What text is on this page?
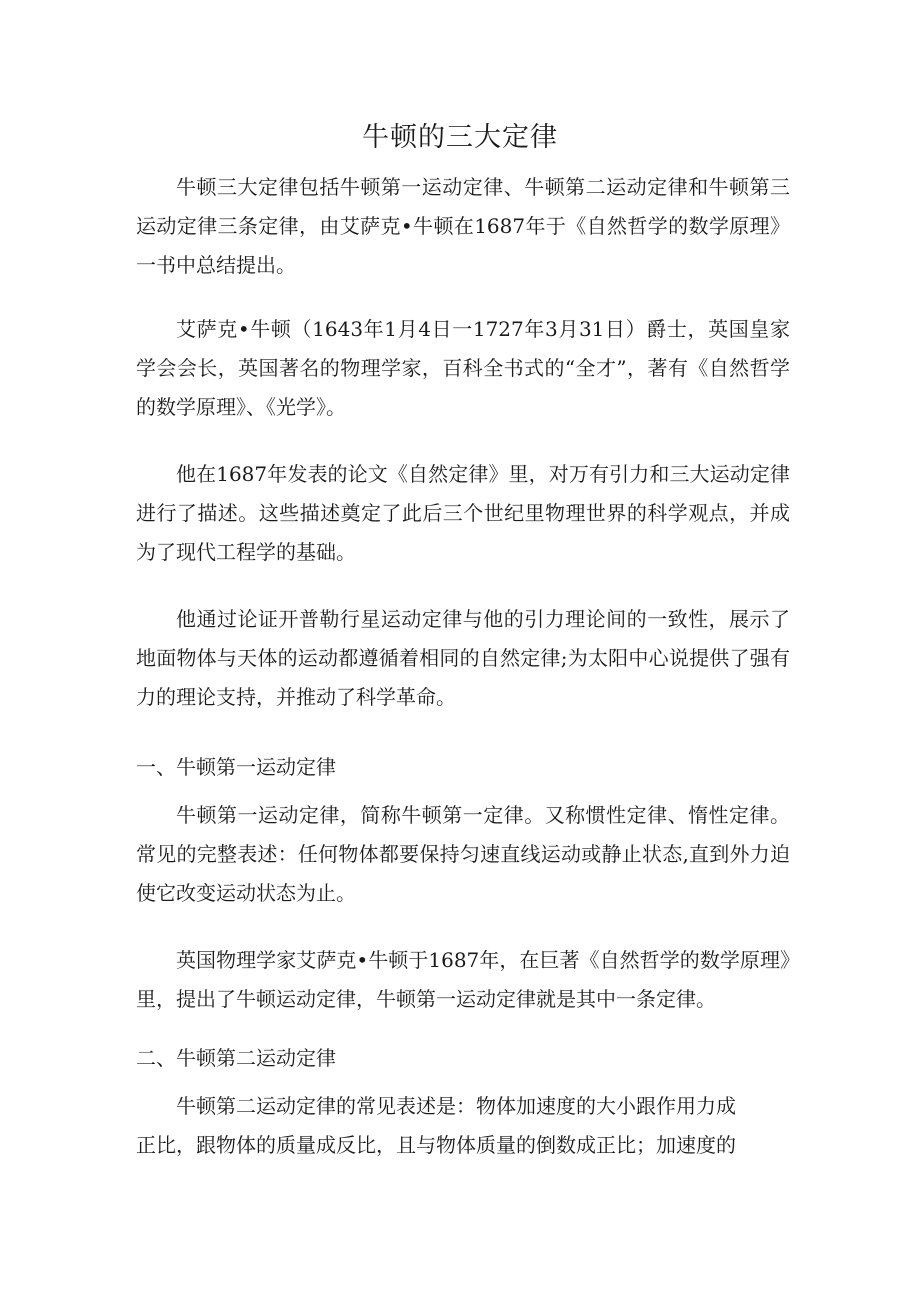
牛顿的三大定律

牛顿三大定律包括牛顿第一运动定律、牛顿第二运动定律和牛顿第三运动定律三条定律，由艾萨克•牛顿在1687年于《自然哲学的数学原理》一书中总结提出。

艾萨克•牛顿（1643年1月4日一1727年3月31日）爵士，英国皇家学会会长，英国著名的物理学家，百科全书式的“全才”，著有《自然哲学的数学原理》、《光学》。

他在1687年发表的论文《自然定律》里，对万有引力和三大运动定律进行了描述。这些描述奠定了此后三个世纪里物理世界的科学观点，并成为了现代工程学的基础。

他通过论证开普勒行星运动定律与他的引力理论间的一致性，展示了地面物体与天体的运动都遵循着相同的自然定律;为太阳中心说提供了强有力的理论支持，并推动了科学革命。

一、牛顿第一运动定律

牛顿第一运动定律，简称牛顿第一定律。又称惯性定律、惰性定律。常见的完整表述：任何物体都要保持匀速直线运动或静止状态,直到外力迫使它改变运动状态为止。

英国物理学家艾萨克•牛顿于1687年，在巨著《自然哲学的数学原理》里，提出了牛顿运动定律，牛顿第一运动定律就是其中一条定律。

二、牛顿第二运动定律

牛顿第二运动定律的常见表述是：物体加速度的大小跟作用力成正比，跟物体的质量成反比，且与物体质量的倒数成正比；加速度的
